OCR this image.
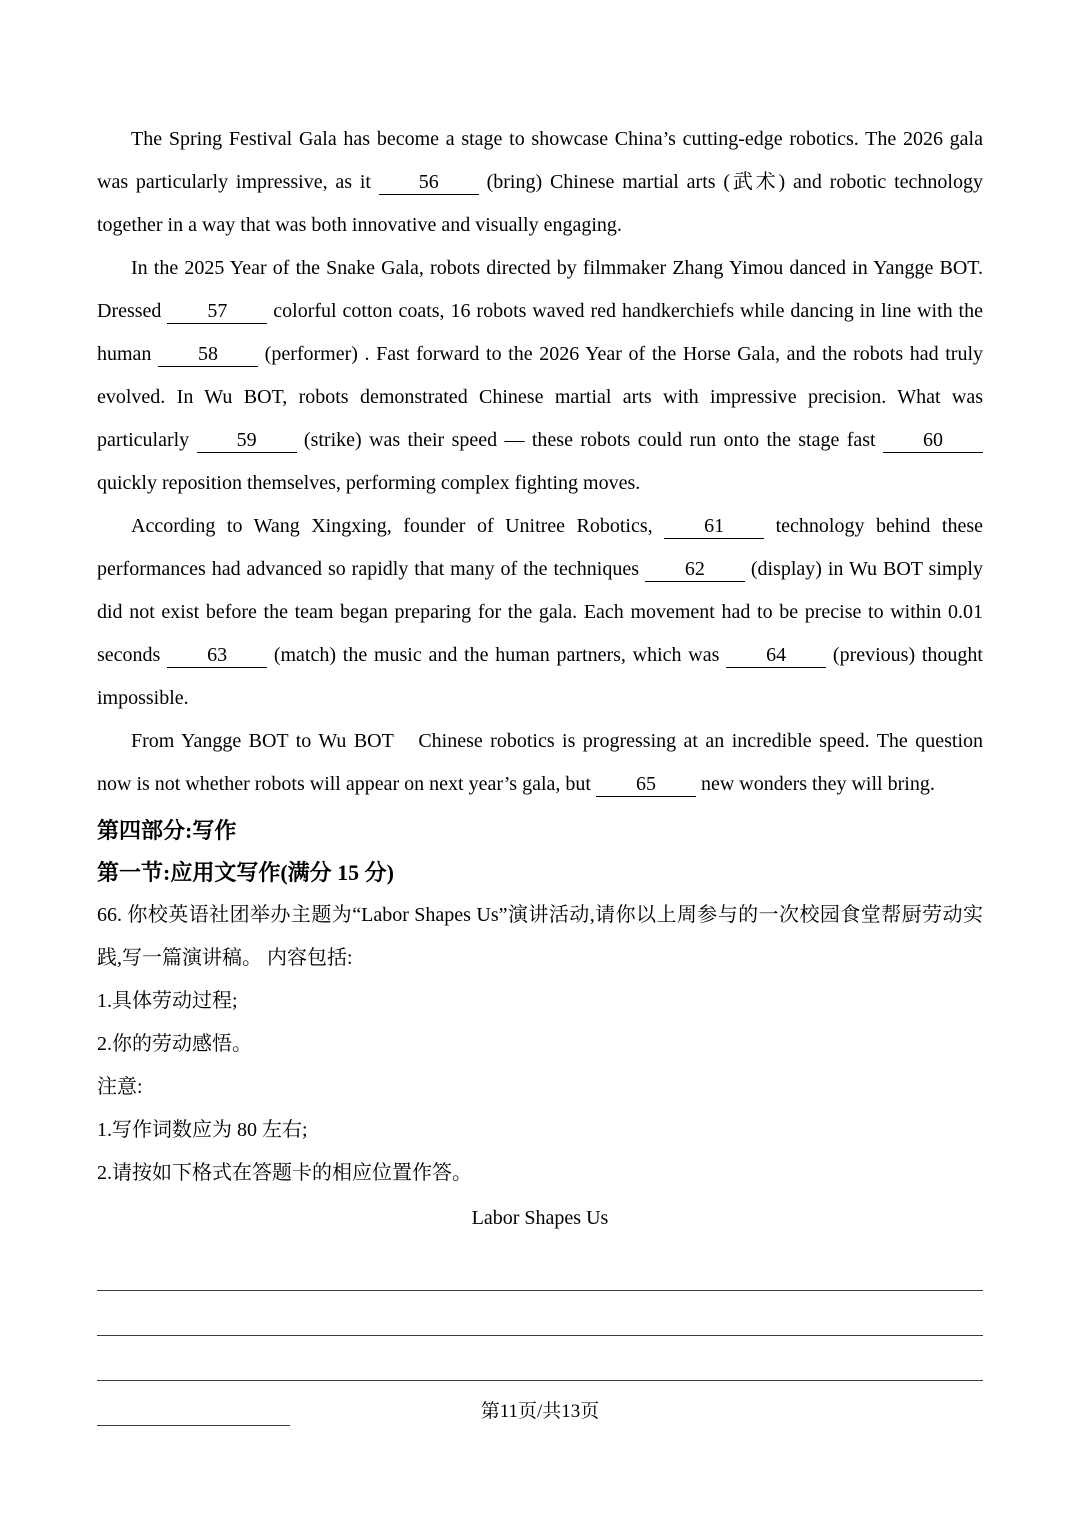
The Spring Festival Gala has become a stage to showcase China’s cutting-edge robotics. The 2026 gala was particularly impressive, as it 56 (bring) Chinese martial arts (武术) and robotic technology together in a way that was both innovative and visually engaging.

In the 2025 Year of the Snake Gala, robots directed by filmmaker Zhang Yimou danced in Yangge BOT. Dressed 57 colorful cotton coats, 16 robots waved red handkerchiefs while dancing in line with the human 58 (performer) . Fast forward to the 2026 Year of the Horse Gala, and the robots had truly evolved. In Wu BOT, robots demonstrated Chinese martial arts with impressive precision. What was particularly 59 (strike) was their speed — these robots could run onto the stage fast 60 quickly reposition themselves, performing complex fighting moves.

According to Wang Xingxing, founder of Unitree Robotics, 61 technology behind these performances had advanced so rapidly that many of the techniques 62 (display) in Wu BOT simply did not exist before the team began preparing for the gala. Each movement had to be precise to within 0.01 seconds 63 (match) the music and the human partners, which was 64 (previous) thought impossible.

From Yangge BOT to Wu BOT　Chinese robotics is progressing at an incredible speed. The question now is not whether robots will appear on next year’s gala, but 65 new wonders they will bring.

第四部分:写作
第一节:应用文写作(满分 15 分)

66. 你校英语社团举办主题为“Labor Shapes Us”演讲活动,请你以上周参与的一次校园食堂帮厨劳动实践,写一篇演讲稿。 内容包括:

1.具体劳动过程;

2.你的劳动感悟。

注意:

1.写作词数应为 80 左右;

2.请按如下格式在答题卡的相应位置作答。

Labor Shapes Us
第11页/共13页
